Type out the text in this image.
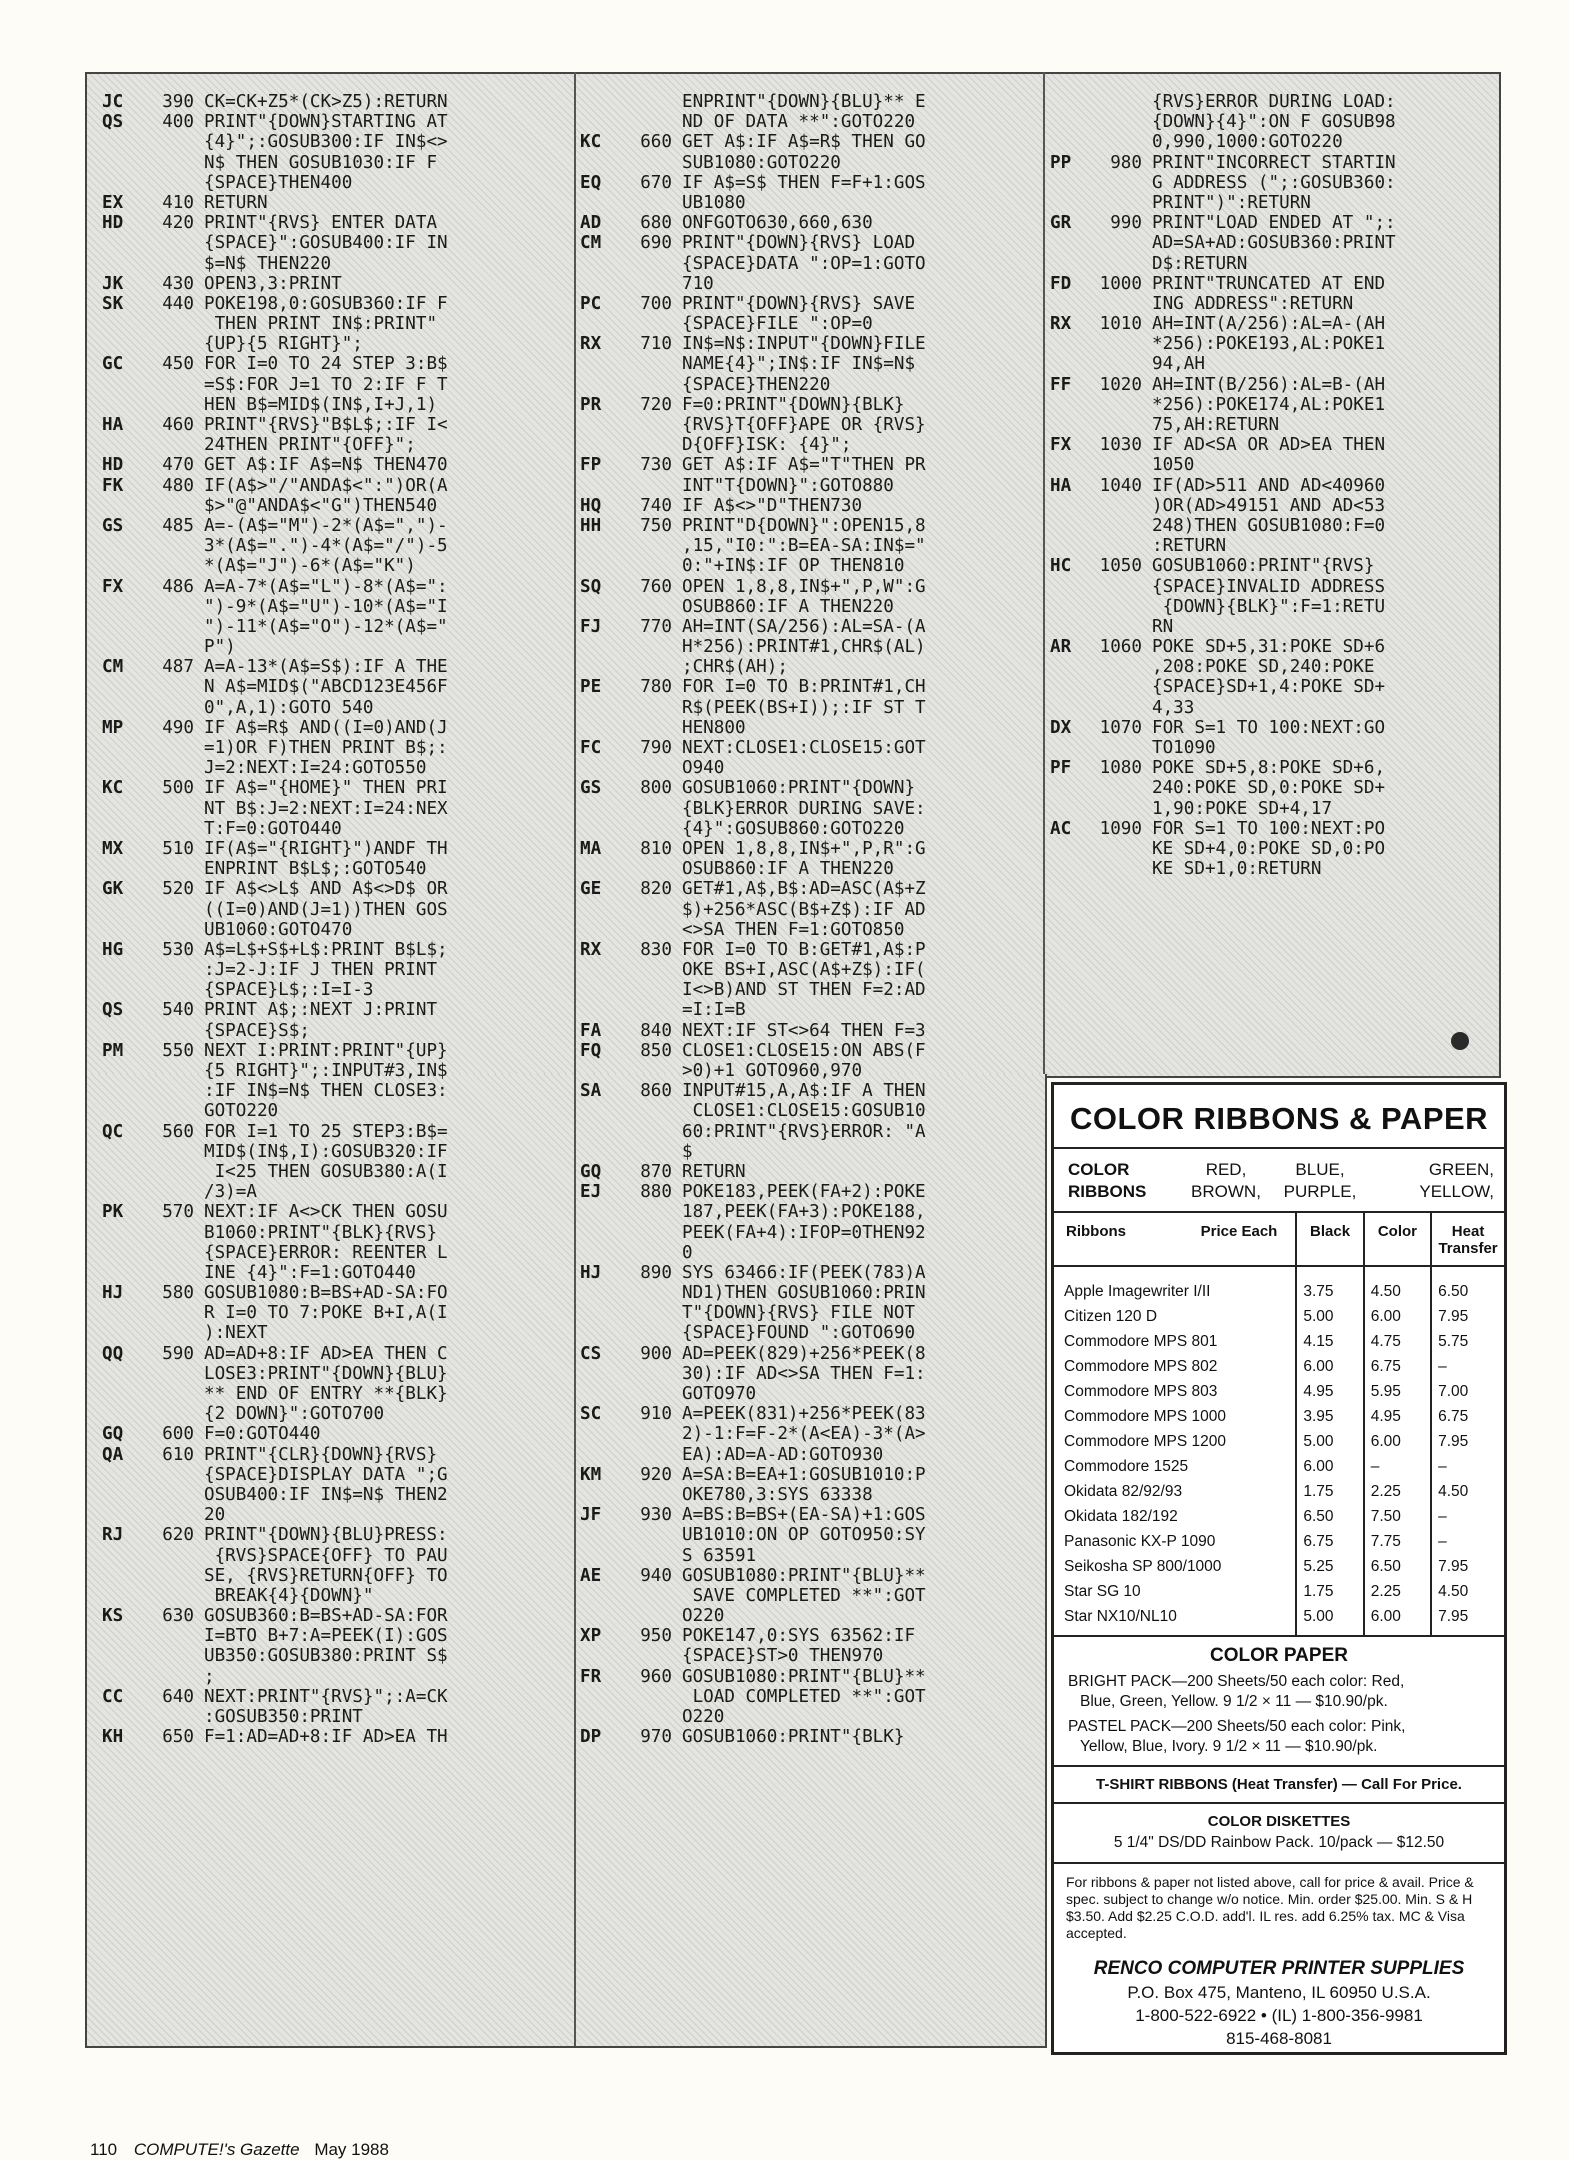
JC 390 CK=CK+Z5*(CK>Z5):RETURN
QS 400 PRINT"{DOWN}STARTING AT
{4}";:GOSUB300:IF IN$<>
N$ THEN GOSUB1030:IF F
{SPACE}THEN400
EX 410 RETURN
HD 420 PRINT"{RVS} ENTER DATA
{SPACE}":GOSUB400:IF IN
$=N$ THEN220
JK 430 OPEN3,3:PRINT
SK 440 POKE198,0:GOSUB360:IF F
THEN PRINT IN$:PRINT"
{UP}{5 RIGHT}";
GC 450 FOR I=0 TO 24 STEP 3:B$
=S$:FOR J=1 TO 2:IF F T
HEN B$=MID$(IN$,I+J,1)
HA 460 PRINT"{RVS}"B$L$;:IF I<
24THEN PRINT"{OFF}";
HD 470 GET A$:IF A$=N$ THEN470
FK 480 IF(A$>"/"ANDA$<":")OR(A
$>"@"ANDA$<"G")THEN540
GS 485 A=-(A$="M")-2*(A$=",")-
3*(A$=".")-4*(A$="/")-5
*(A$="J")-6*(A$="K")
FX 486 A=A-7*(A$="L")-8*(A$=":
")-9*(A$="U")-10*(A$="I
")-11*(A$="O")-12*(A$="
P")
CM 487 A=A-13*(A$=S$):IF A THE
N A$=MID$("ABCD123E456F
0",A,1):GOTO 540
MP 490 IF A$=R$ AND((I=0)AND(J
=1)OR F)THEN PRINT B$;:
J=2:NEXT:I=24:GOTO550
KC 500 IF A$="{HOME}" THEN PRI
NT B$:J=2:NEXT:I=24:NEX
T:F=0:GOTO440
MX 510 IF(A$="{RIGHT}")ANDF TH
ENPRINT B$L$;:GOTO540
GK 520 IF A$<>L$ AND A$<>D$ OR
((I=0)AND(J=1))THEN GOS
UB1060:GOTO470
HG 530 A$=L$+S$+L$:PRINT B$L$;
:J=2-J:IF J THEN PRINT
{SPACE}L$;:I=I-3
QS 540 PRINT A$;:NEXT J:PRINT
{SPACE}S$;
PM 550 NEXT I:PRINT:PRINT"{UP}
{5 RIGHT}";:INPUT#3,IN$
:IF IN$=N$ THEN CLOSE3:
GOTO220
QC 560 FOR I=1 TO 25 STEP3:B$=
MID$(IN$,I):GOSUB320:IF
I<25 THEN GOSUB380:A(I
/3)=A
PK 570 NEXT:IF A<>CK THEN GOSU
B1060:PRINT"{BLK}{RVS}
{SPACE}ERROR: REENTER L
INE {4}":F=1:GOTO440
HJ 580 GOSUB1080:B=BS+AD-SA:FO
R I=0 TO 7:POKE B+I,A(I
):NEXT
QQ 590 AD=AD+8:IF AD>EA THEN C
LOSE3:PRINT"{DOWN}{BLU}
** END OF ENTRY **{BLK}
{2 DOWN}":GOTO700
GQ 600 F=0:GOTO440
QA 610 PRINT"{CLR}{DOWN}{RVS}
{SPACE}DISPLAY DATA ";G
OSUB400:IF IN$=N$ THEN2
20
RJ 620 PRINT"{DOWN}{BLU}PRESS:
{RVS}SPACE{OFF} TO PAU
SE, {RVS}RETURN{OFF} TO
BREAK{4}{DOWN}"
KS 630 GOSUB360:B=BS+AD-SA:FOR
I=BTO B+7:A=PEEK(I):GOS
UB350:GOSUB380:PRINT S$
;
CC 640 NEXT:PRINT"{RVS}";:A=CK
:GOSUB350:PRINT
KH 650 F=1:AD=AD+8:IF AD>EA TH
ENPRINT"{DOWN}{BLU}** E
ND OF DATA **":GOTO220
KC 660 GET A$:IF A$=R$ THEN GO
SUB1080:GOTO220
EQ 670 IF A$=S$ THEN F=F+1:GOS
UB1080
AD 680 ONFGOTO630,660,630
CM 690 PRINT"{DOWN}{RVS} LOAD
{SPACE}DATA ":OP=1:GOTO
710
PC 700 PRINT"{DOWN}{RVS} SAVE
{SPACE}FILE ":OP=0
RX 710 IN$=N$:INPUT"{DOWN}FILE
NAME{4}";IN$:IF IN$=N$
{SPACE}THEN220
PR 720 F=0:PRINT"{DOWN}{BLK}
{RVS}T{OFF}APE OR {RVS}
D{OFF}ISK: {4}";
FP 730 GET A$:IF A$="T"THEN PR
INT"T{DOWN}":GOTO880
HQ 740 IF A$<>"D"THEN730
HH 750 PRINT"D{DOWN}":OPEN15,8
,15,"I0:":B=EA-SA:IN$="
0:"+IN$:IF OP THEN810
SQ 760 OPEN 1,8,8,IN$+",P,W":G
OSUB860:IF A THEN220
FJ 770 AH=INT(SA/256):AL=SA-(A
H*256):PRINT#1,CHR$(AL)
;CHR$(AH);
PE 780 FOR I=0 TO B:PRINT#1,CH
R$(PEEK(BS+I));:IF ST T
HEN800
FC 790 NEXT:CLOSE1:CLOSE15:GOT
O940
GS 800 GOSUB1060:PRINT"{DOWN}
{BLK}ERROR DURING SAVE:
{4}":GOSUB860:GOTO220
MA 810 OPEN 1,8,8,IN$+",P,R":G
OSUB860:IF A THEN220
GE 820 GET#1,A$,B$:AD=ASC(A$+Z
$)+256*ASC(B$+Z$):IF AD
<>SA THEN F=1:GOTO850
RX 830 FOR I=0 TO B:GET#1,A$:P
OKE BS+I,ASC(A$+Z$):IF(
I<>B)AND ST THEN F=2:AD
=I:I=B
FA 840 NEXT:IF ST<>64 THEN F=3
FQ 850 CLOSE1:CLOSE15:ON ABS(F
>0)+1 GOTO960,970
SA 860 INPUT#15,A,A$:IF A THEN
CLOSE1:CLOSE15:GOSUB10
60:PRINT"{RVS}ERROR: "A
$
GQ 870 RETURN
EJ 880 POKE183,PEEK(FA+2):POKE
187,PEEK(FA+3):POKE188,
PEEK(FA+4):IFOP=0THEN92
0
HJ 890 SYS 63466:IF(PEEK(783)A
ND1)THEN GOSUB1060:PRIN
T"{DOWN}{RVS} FILE NOT
{SPACE}FOUND ":GOTO690
CS 900 AD=PEEK(829)+256*PEEK(8
30):IF AD<>SA THEN F=1:
GOTO970
SC 910 A=PEEK(831)+256*PEEK(83
2)-1:F=F-2*(A<EA)-3*(A>
EA):AD=A-AD:GOTO930
KM 920 A=SA:B=EA+1:GOSUB1010:P
OKE780,3:SYS 63338
JF 930 A=BS:B=BS+(EA-SA)+1:GOS
UB1010:ON OP GOTO950:SY
S 63591
AE 940 GOSUB1080:PRINT"{BLU}**
SAVE COMPLETED **":GOT
O220
XP 950 POKE147,0:SYS 63562:IF
{SPACE}ST>0 THEN970
FR 960 GOSUB1080:PRINT"{BLU}**
LOAD COMPLETED **":GOT
O220
DP 970 GOSUB1060:PRINT"{BLK}
{RVS}ERROR DURING LOAD:
{DOWN}{4}":ON F GOSUB98
0,990,1000:GOTO220
PP 980 PRINT"INCORRECT STARTIN
G ADDRESS (";:GOSUB360:
PRINT")":RETURN
GR 990 PRINT"LOAD ENDED AT ";:
AD=SA+AD:GOSUB360:PRINT
D$:RETURN
FD 1000 PRINT"TRUNCATED AT END
ING ADDRESS":RETURN
RX 1010 AH=INT(A/256):AL=A-(AH
*256):POKE193,AL:POKE1
94,AH
FF 1020 AH=INT(B/256):AL=B-(AH
*256):POKE174,AL:POKE1
75,AH:RETURN
FX 1030 IF AD<SA OR AD>EA THEN
1050
HA 1040 IF(AD>511 AND AD<40960
)OR(AD>49151 AND AD<53
248)THEN GOSUB1080:F=0
:RETURN
HC 1050 GOSUB1060:PRINT"{RVS}
{SPACE}INVALID ADDRESS
{DOWN}{BLK}":F=1:RETU
RN
AR 1060 POKE SD+5,31:POKE SD+6
,208:POKE SD,240:POKE
{SPACE}SD+1,4:POKE SD+
4,33
DX 1070 FOR S=1 TO 100:NEXT:GO
TO1090
PF 1080 POKE SD+5,8:POKE SD+6,
240:POKE SD,0:POKE SD+
1,90:POKE SD+4,17
AC 1090 FOR S=1 TO 100:NEXT:PO
KE SD+4,0:POKE SD,0:PO
KE SD+1,0:RETURN
COLOR RIBBONS & PAPER
COLOR
RIBBONS
RED,
BROWN,
BLUE,
PURPLE,
GREEN,
YELLOW,
Ribbons Price Each	Black	Color	Heat Transfer
Apple Imagewriter I/II	3.75	4.50	6.50
Citizen 120 D	5.00	6.00	7.95
Commodore MPS 801	4.15	4.75	5.75
Commodore MPS 802	6.00	6.75	–
Commodore MPS 803	4.95	5.95	7.00
Commodore MPS 1000	3.95	4.95	6.75
Commodore MPS 1200	5.00	6.00	7.95
Commodore 1525	6.00	–	–
Okidata 82/92/93	1.75	2.25	4.50
Okidata 182/192	6.50	7.50	–
Panasonic KX-P 1090	6.75	7.75	–
Seikosha SP 800/1000	5.25	6.50	7.95
Star SG 10	1.75	2.25	4.50
Star NX10/NL10	5.00	6.00	7.95
COLOR PAPER
BRIGHT PACK—200 Sheets/50 each color: Red,
Blue, Green, Yellow. 9 1/2 × 11 — $10.90/pk.
PASTEL PACK—200 Sheets/50 each color: Pink,
Yellow, Blue, Ivory. 9 1/2 × 11 — $10.90/pk.
T-SHIRT RIBBONS (Heat Transfer) — Call For Price.
COLOR DISKETTES
5 1/4" DS/DD Rainbow Pack. 10/pack — $12.50
For ribbons & paper not listed above, call for price & avail. Price & spec. subject to change w/o notice. Min. order $25.00. Min. S & H $3.50. Add $2.25 C.O.D. add'l. IL res. add 6.25% tax. MC & Visa accepted.
RENCO COMPUTER PRINTER SUPPLIES
P.O. Box 475, Manteno, IL 60950 U.S.A.
1-800-522-6922 • (IL) 1-800-356-9981
815-468-8081
110 COMPUTE!'s Gazette May 1988
